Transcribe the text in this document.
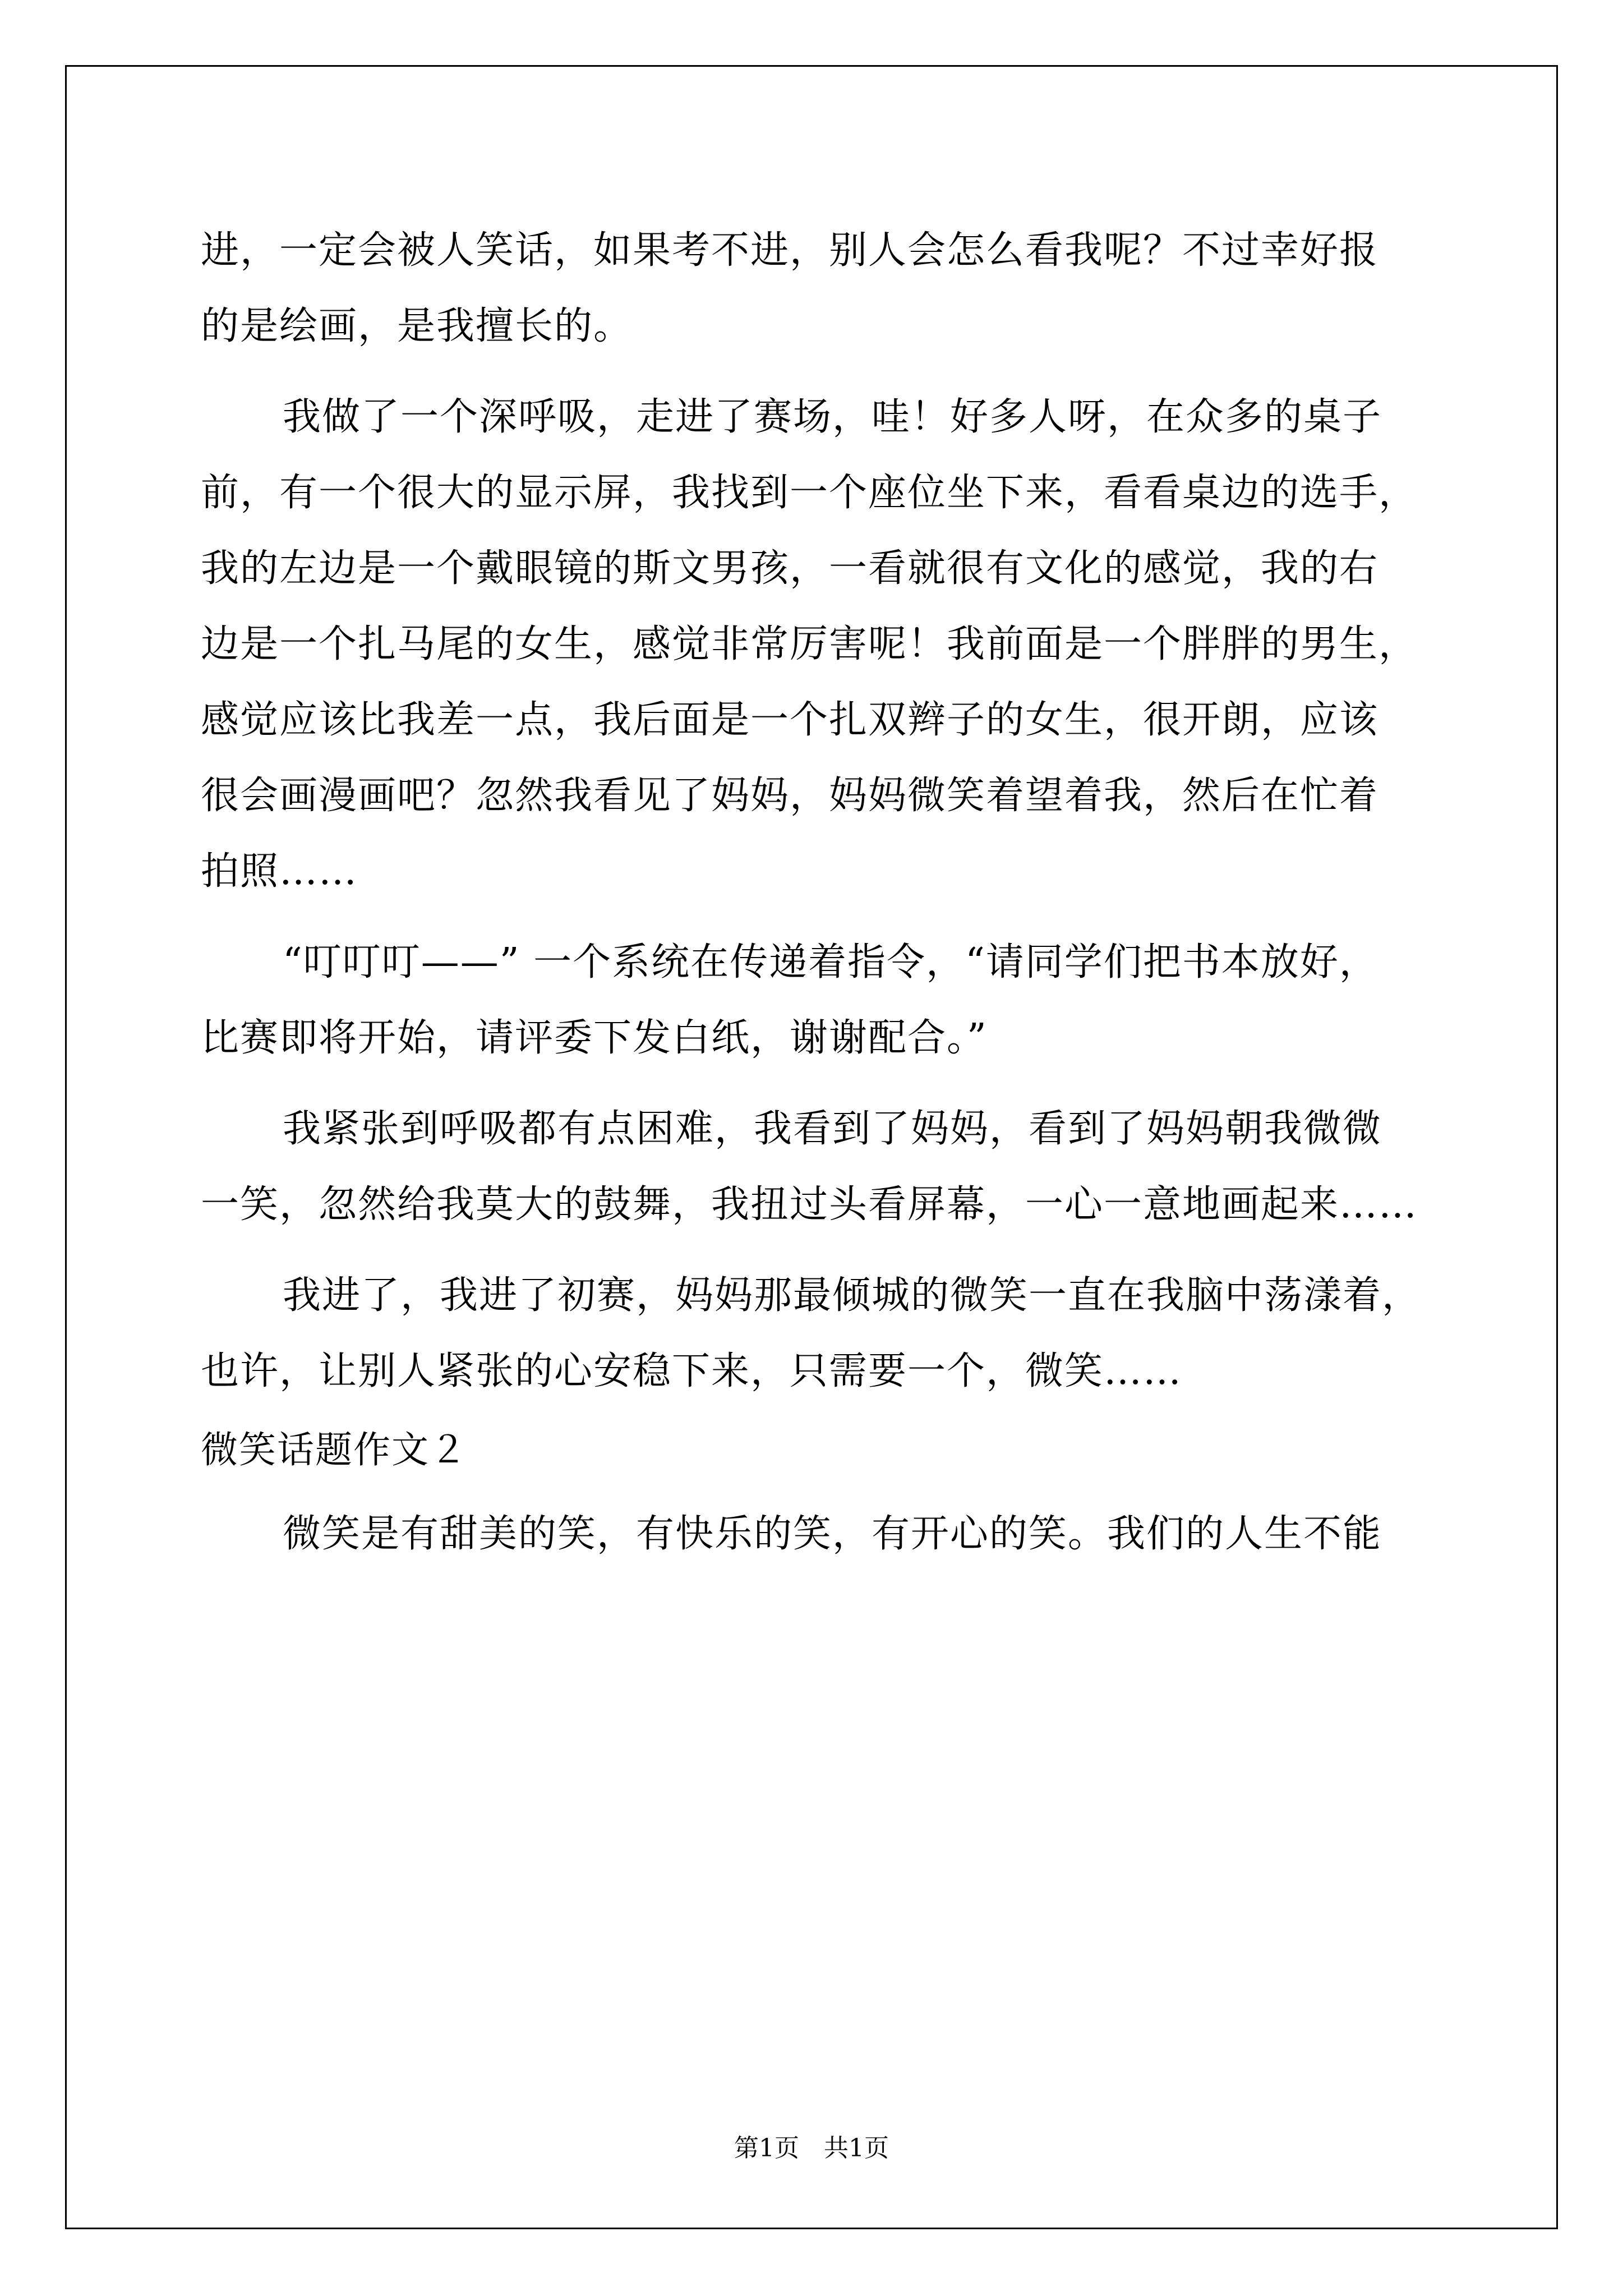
进，一定会被人笑话，如果考不进，别人会怎么看我呢？不过幸好报
的是绘画，是我擅长的。
我做了一个深呼吸，走进了赛场，哇！好多人呀，在众多的桌子
前，有一个很大的显示屏，我找到一个座位坐下来，看看桌边的选手，
我的左边是一个戴眼镜的斯文男孩，一看就很有文化的感觉，我的右
边是一个扎马尾的女生，感觉非常厉害呢！我前面是一个胖胖的男生，
感觉应该比我差一点，我后面是一个扎双辫子的女生，很开朗，应该
很会画漫画吧？忽然我看见了妈妈，妈妈微笑着望着我，然后在忙着
拍照……
“叮叮叮——” 一个系统在传递着指令，“请同学们把书本放好，
比赛即将开始，请评委下发白纸，谢谢配合。”
我紧张到呼吸都有点困难，我看到了妈妈，看到了妈妈朝我微微
一笑，忽然给我莫大的鼓舞，我扭过头看屏幕，一心一意地画起来……
我进了，我进了初赛，妈妈那最倾城的微笑一直在我脑中荡漾着，
也许，让别人紧张的心安稳下来，只需要一个，微笑……
微笑话题作文２
微笑是有甜美的笑，有快乐的笑，有开心的笑。我们的人生不能
第1页　共1页
